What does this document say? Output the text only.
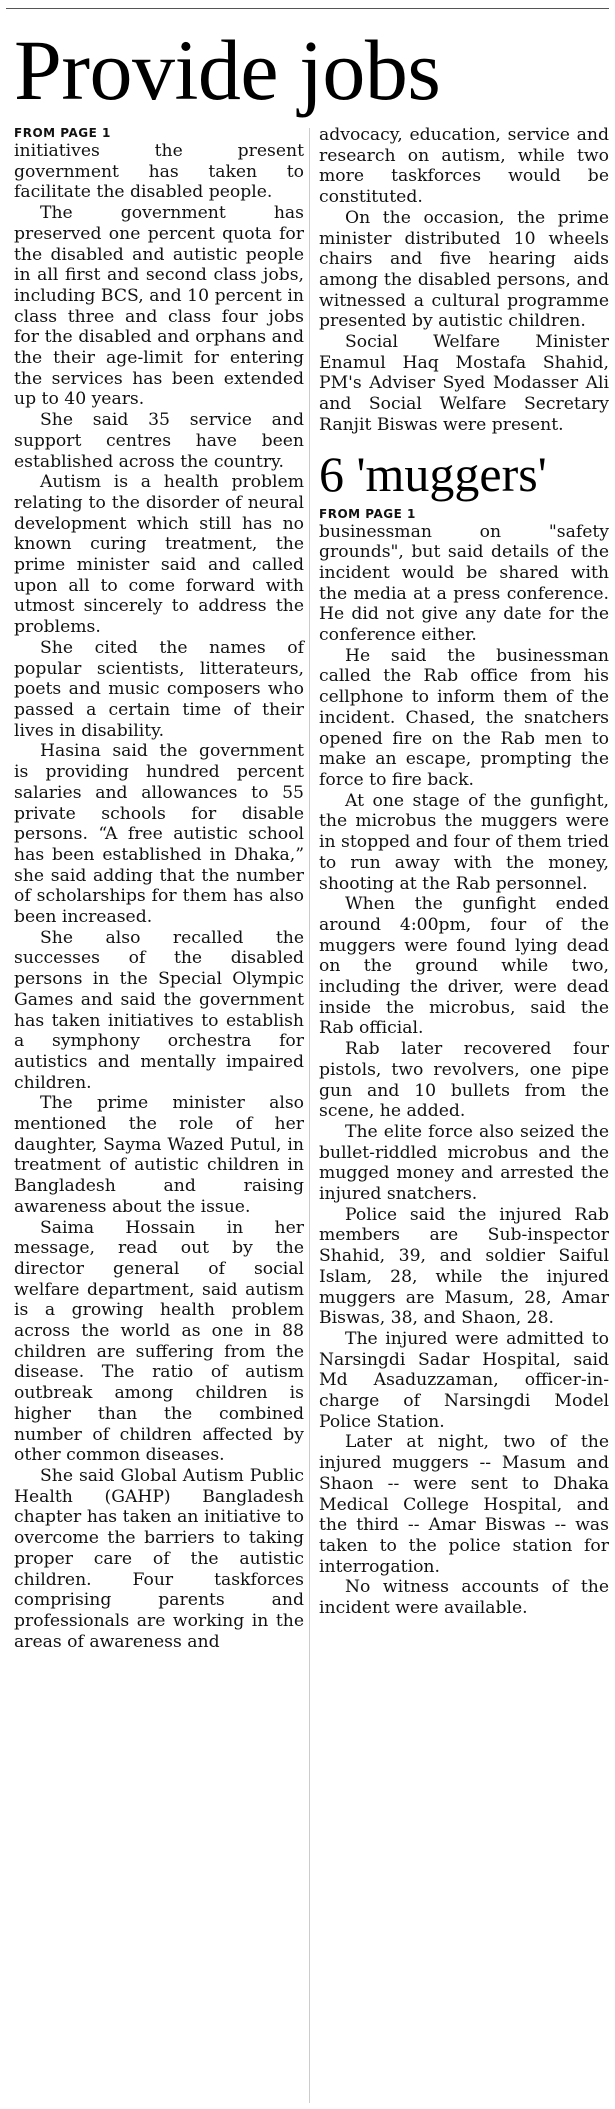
Provide jobs

FROM PAGE 1

initiatives the present government has taken to facilitate the disabled people.

The government has preserved one percent quota for the disabled and autistic people in all first and second class jobs, including BCS, and 10 percent in class three and class four jobs for the disabled and orphans and the their age-limit for entering the services has been extended up to 40 years.

She said 35 service and support centres have been established across the country.

Autism is a health problem relating to the disorder of neural development which still has no known curing treatment, the prime minister said and called upon all to come forward with utmost sincerely to address the problems.

She cited the names of popular scientists, litterateurs, poets and music composers who passed a certain time of their lives in disability.

Hasina said the government is providing hundred percent salaries and allowances to 55 private schools for disable persons. “A free autistic school has been established in Dhaka,” she said adding that the number of scholarships for them has also been increased.

She also recalled the successes of the disabled persons in the Special Olympic Games and said the government has taken initiatives to establish a symphony orchestra for autistics and mentally impaired children.

The prime minister also mentioned the role of her daughter, Sayma Wazed Putul, in treatment of autistic children in Bangladesh and raising awareness about the issue.

Saima Hossain in her message, read out by the director general of social welfare department, said autism is a growing health problem across the world as one in 88 children are suffering from the disease. The ratio of autism outbreak among children is higher than the combined number of children affected by other common diseases.

She said Global Autism Public Health (GAHP) Bangladesh chapter has taken an initiative to overcome the barriers to taking proper care of the autistic children. Four taskforces comprising parents and professionals are working in the areas of awareness and

advocacy, education, service and research on autism, while two more taskforces would be constituted.

On the occasion, the prime minister distributed 10 wheels chairs and five hearing aids among the disabled persons, and witnessed a cultural programme presented by autistic children.

Social Welfare Minister Enamul Haq Mostafa Shahid, PM's Adviser Syed Modasser Ali and Social Welfare Secretary Ranjit Biswas were present.

6 'muggers'

FROM PAGE 1

businessman on "safety grounds", but said details of the incident would be shared with the media at a press conference. He did not give any date for the conference either.

He said the businessman called the Rab office from his cellphone to inform them of the incident. Chased, the snatchers opened fire on the Rab men to make an escape, prompting the force to fire back.

At one stage of the gunfight, the microbus the muggers were in stopped and four of them tried to run away with the money, shooting at the Rab personnel.

When the gunfight ended around 4:00pm, four of the muggers were found lying dead on the ground while two, including the driver, were dead inside the microbus, said the Rab official.

Rab later recovered four pistols, two revolvers, one pipe gun and 10 bullets from the scene, he added.

The elite force also seized the bullet-riddled microbus and the mugged money and arrested the injured snatchers.

Police said the injured Rab members are Sub-inspector Shahid, 39, and soldier Saiful Islam, 28, while the injured muggers are Masum, 28, Amar Biswas, 38, and Shaon, 28.

The injured were admitted to Narsingdi Sadar Hospital, said Md Asaduzzaman, officer-in-charge of Narsingdi Model Police Station.

Later at night, two of the injured muggers -- Masum and Shaon -- were sent to Dhaka Medical College Hospital, and the third -- Amar Biswas -- was taken to the police station for interrogation.

No witness accounts of the incident were available.
